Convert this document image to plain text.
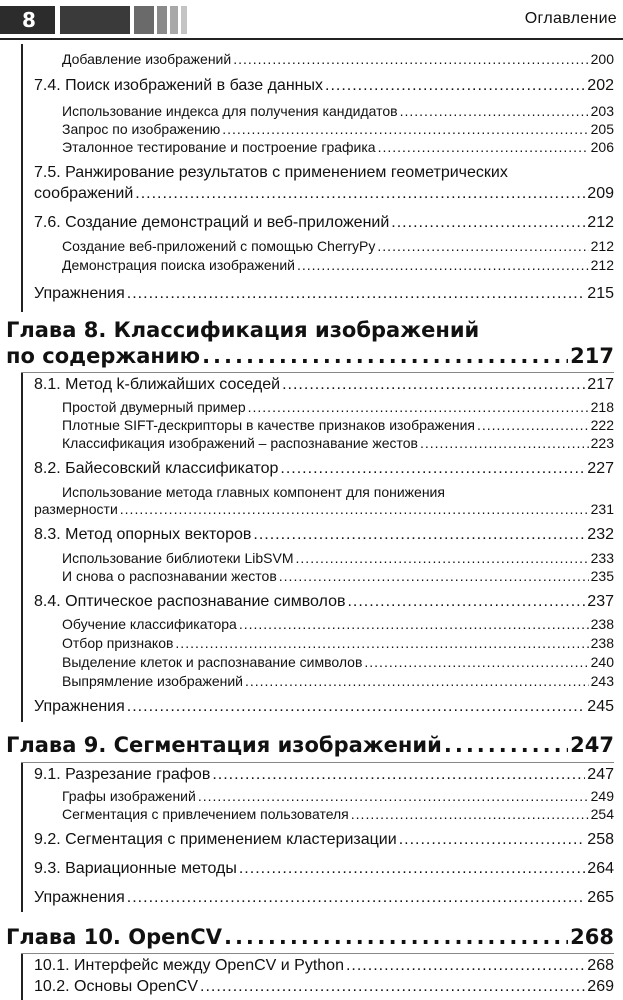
8	Оглавление
Добавление изображений .....	200
7.4. Поиск изображений в базе данных .....	202
Использование индекса для получения кандидатов .....	203
Запрос по изображению .....	205
Эталонное тестирование и построение графика .....	206
7.5. Ранжирование результатов с применением геометрических
соображений .....	209
7.6. Создание демонстраций и веб-приложений .....	212
Создание веб-приложений с помощью CherryPy .....	212
Демонстрация поиска изображений .....	212
Упражнения .....	215
Глава 8. Классификация изображений
по содержанию .....	217
8.1. Метод k-ближайших соседей .....	217
Простой двумерный пример .....	218
Плотные SIFT-дескрипторы в качестве признаков изображения .....	222
Классификация изображений – распознавание жестов .....	223
8.2. Байесовский классификатор .....	227
Использование метода главных компонент для понижения
размерности .....	231
8.3. Метод опорных векторов .....	232
Использование библиотеки LibSVM .....	233
И снова о распознавании жестов .....	235
8.4. Оптическое распознавание символов .....	237
Обучение классификатора .....	238
Отбор признаков .....	238
Выделение клеток и распознавание символов .....	240
Выпрямление изображений .....	243
Упражнения .....	245
Глава 9. Сегментация изображений .....	247
9.1. Разрезание графов .....	247
Графы изображений .....	249
Сегментация с привлечением пользователя .....	254
9.2. Сегментация с применением кластеризации .....	258
9.3. Вариационные методы .....	264
Упражнения .....	265
Глава 10. OpenCV .....	268
10.1. Интерфейс между OpenCV и Python .....	268
10.2. Основы OpenCV .....	269
